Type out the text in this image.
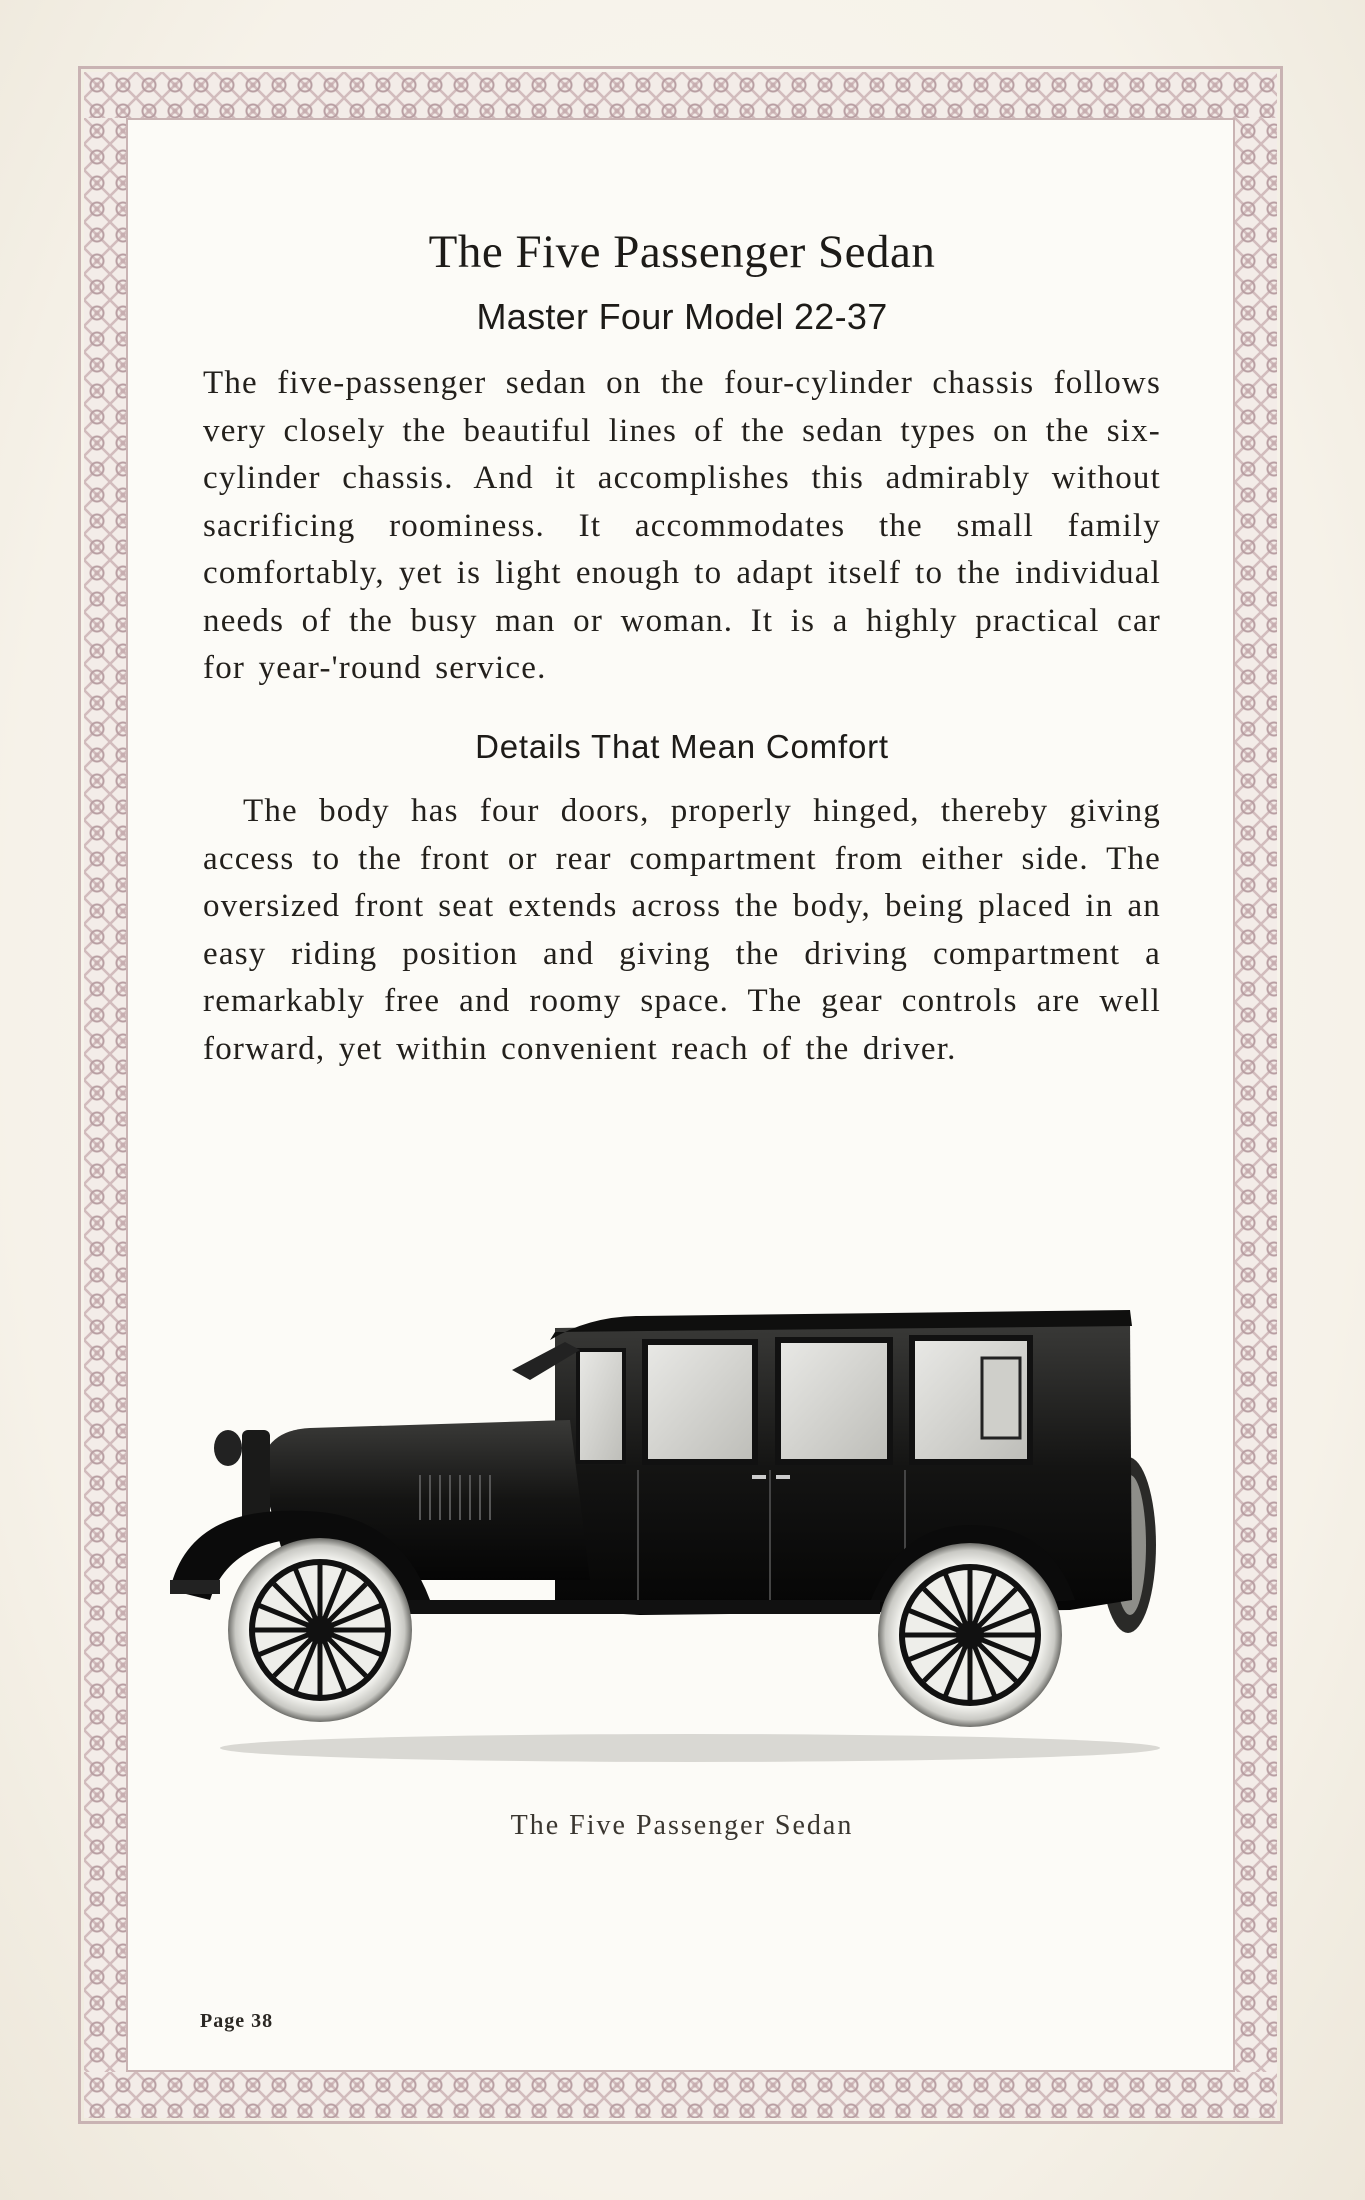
The Five Passenger Sedan
Master Four Model 22-37

The five-passenger sedan on the four-cylinder chassis follows very closely the beautiful lines of the sedan types on the six-cylinder chassis. And it accomplishes this admirably without sacrificing roominess. It accommodates the small family comfortably, yet is light enough to adapt itself to the individual needs of the busy man or woman. It is a highly practical car for year-'round service.

Details That Mean Comfort

The body has four doors, properly hinged, thereby giving access to the front or rear compartment from either side. The oversized front seat extends across the body, being placed in an easy riding position and giving the driving compartment a remarkably free and roomy space. The gear controls are well forward, yet within convenient reach of the driver.

The Five Passenger Sedan
Page 38
